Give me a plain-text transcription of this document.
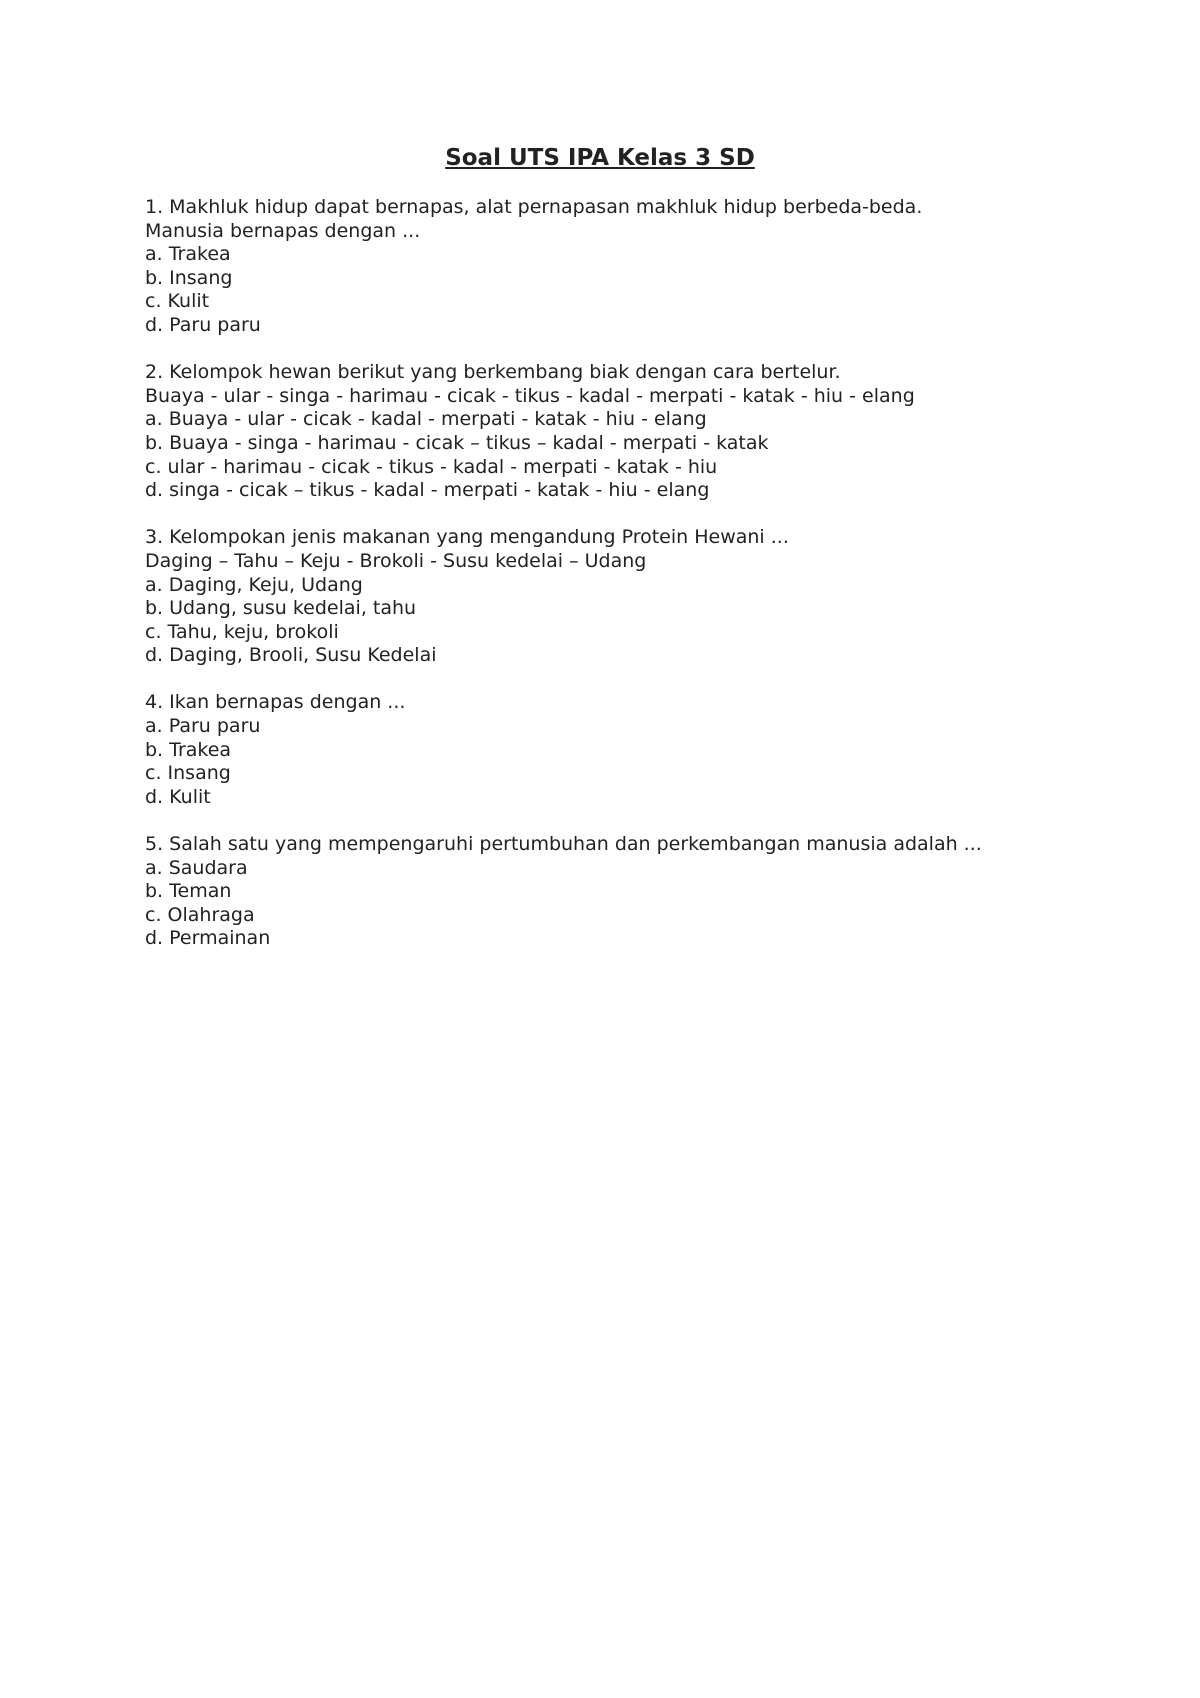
Soal UTS IPA Kelas 3 SD
1. Makhluk hidup dapat bernapas, alat pernapasan makhluk hidup berbeda-beda.
Manusia bernapas dengan ...
a. Trakea
b. Insang
c. Kulit
d. Paru paru
2. Kelompok hewan berikut yang berkembang biak dengan cara bertelur.
Buaya - ular - singa - harimau - cicak - tikus - kadal - merpati - katak - hiu - elang
a. Buaya - ular - cicak - kadal - merpati - katak - hiu - elang
b. Buaya - singa - harimau - cicak – tikus – kadal - merpati - katak
c. ular - harimau - cicak - tikus - kadal - merpati - katak - hiu
d. singa - cicak – tikus - kadal - merpati - katak - hiu - elang
3. Kelompokan jenis makanan yang mengandung Protein Hewani ...
Daging – Tahu – Keju - Brokoli - Susu kedelai – Udang
a. Daging, Keju, Udang
b. Udang, susu kedelai, tahu
c. Tahu, keju, brokoli
d. Daging, Brooli, Susu Kedelai
4. Ikan bernapas dengan ...
a. Paru paru
b. Trakea
c. Insang
d. Kulit
5. Salah satu yang mempengaruhi pertumbuhan dan perkembangan manusia adalah ...
a. Saudara
b. Teman
c. Olahraga
d. Permainan
